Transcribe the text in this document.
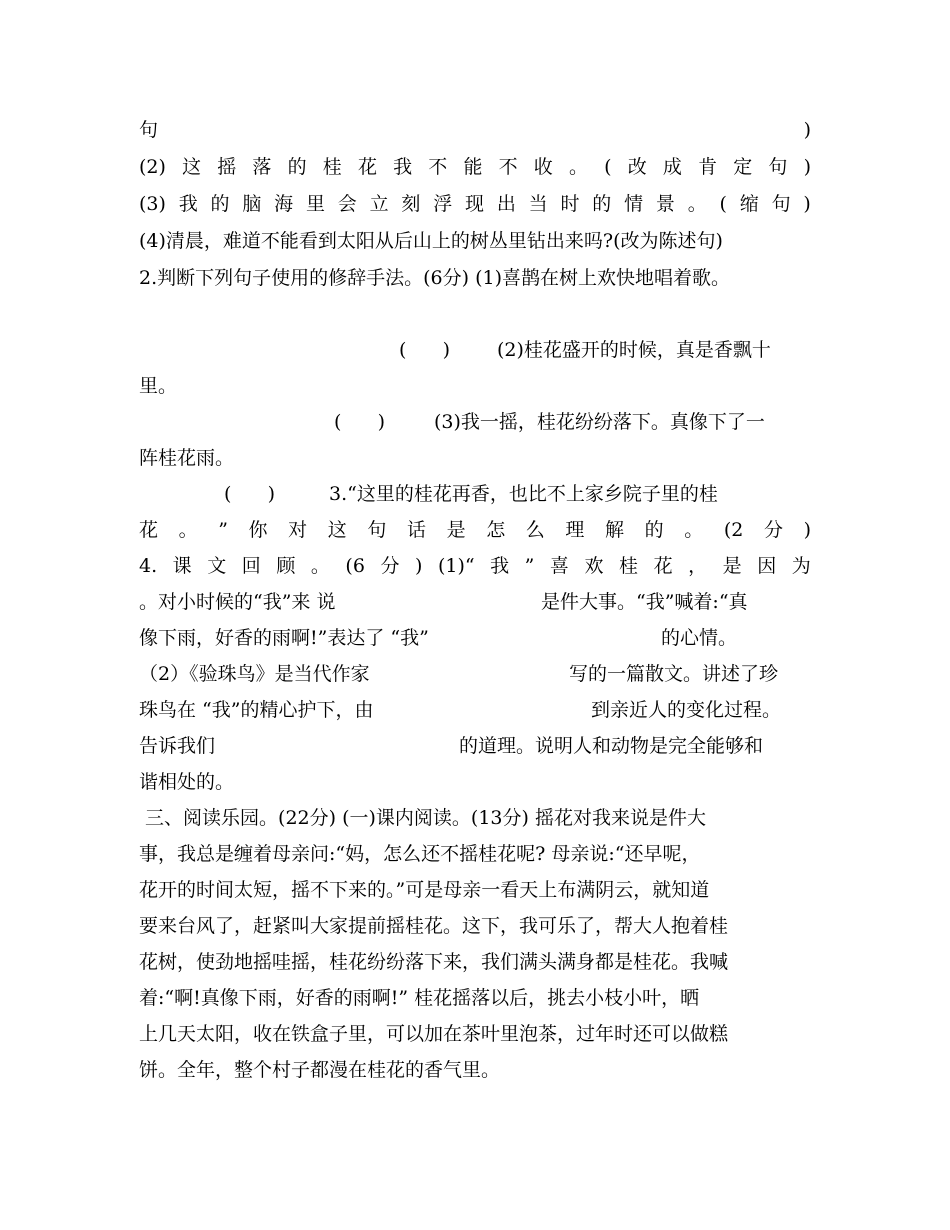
句	)
(2) 这 摇 落 的 桂 花 我 不 能 不 收 。 ( 改 成 肯 定 句 )
(3) 我 的 脑 海 里 会 立 刻 浮 现 出 当 时 的 情 景 。 ( 缩 句 )
(4)清晨，难道不能看到太阳从后山上的树丛里钻出来吗?(改为陈述句)
2.判断下列句子使用的修辞手法。(6分) (1)喜鹊在树上欢快地唱着歌。
(      ) (2)桂花盛开的时候，真是香飘十
里。
(      )	(3)我一摇，桂花纷纷落下。真像下了一
阵桂花雨。
(      )	3.“这里的桂花再香，也比不上家乡院子里的桂
花 。 ” 你 对 这 句 话 是 怎 么 理 解 的 。 (2 分 )
4. 课 文 回 顾 。 (6 分 ) (1)“ 我 ” 喜 欢 桂 花 ， 是 因 为
。对小时候的“我”来 说	是件大事。“我”喊着:“真
像下雨，好香的雨啊!”表达了 “我”	的心情。
（2）《验珠鸟》是当代作家	写的一篇散文。讲述了珍
珠鸟在 “我”的精心护下，由	到亲近人的变化过程。
告诉我们	的道理。说明人和动物是完全能够和
谐相处的。
三、阅读乐园。(22分) (一)课内阅读。(13分) 摇花对我来说是件大
事，我总是缠着母亲问:“妈，怎么还不摇桂花呢? 母亲说:“还早呢，
花开的时间太短，摇不下来的。”可是母亲一看天上布满阴云，就知道
要来台风了，赶紧叫大家提前摇桂花。这下，我可乐了，帮大人抱着桂
花树，使劲地摇哇摇，桂花纷纷落下来，我们满头满身都是桂花。我喊
着:“啊!真像下雨，好香的雨啊!” 桂花摇落以后，挑去小枝小叶，晒
上几天太阳，收在铁盒子里，可以加在茶叶里泡茶，过年时还可以做糕
饼。全年，整个村子都漫在桂花的香气里。
